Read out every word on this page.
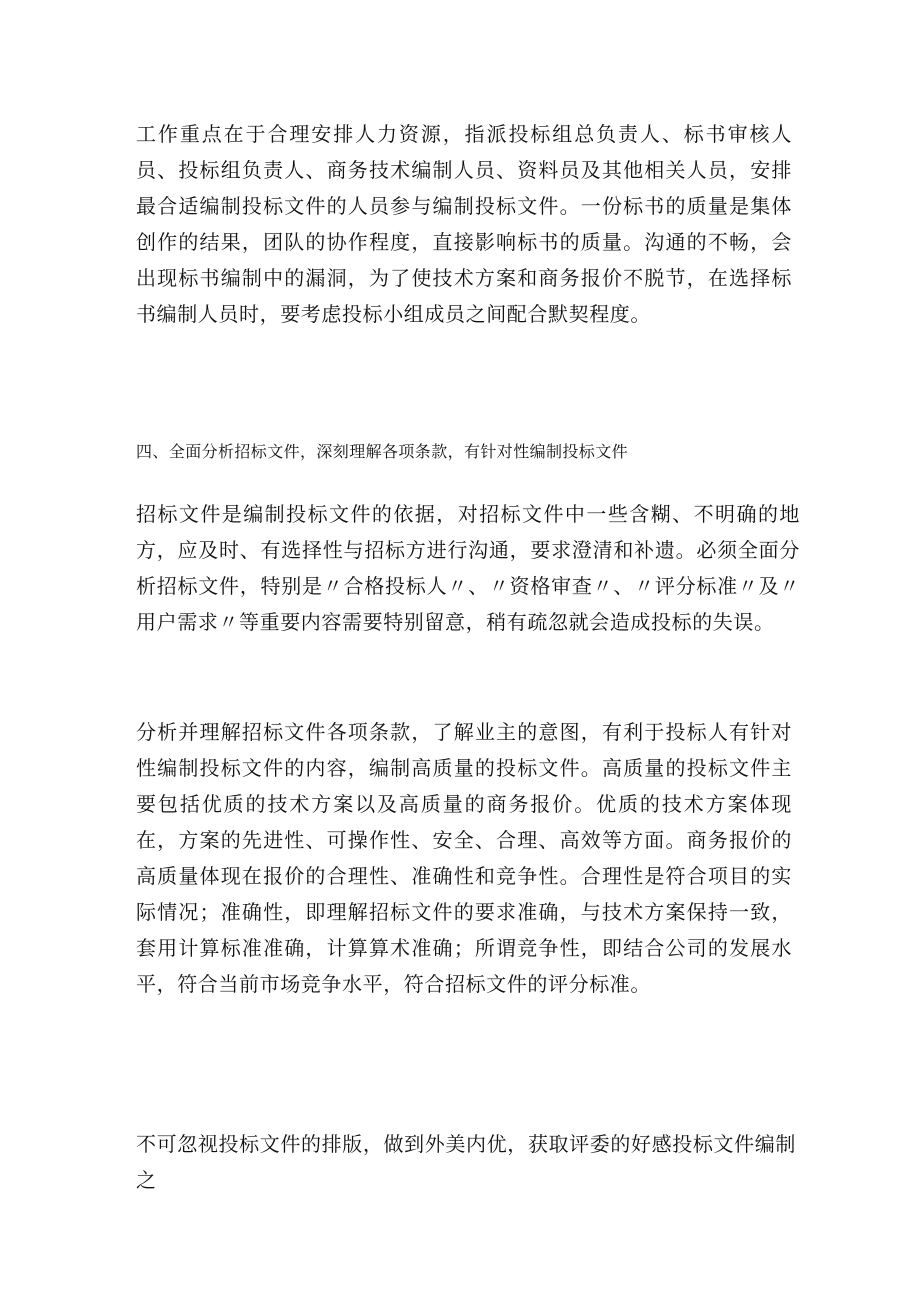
工作重点在于合理安排人力资源，指派投标组总负责人、标书审核人员、投标组负责人、商务技术编制人员、资料员及其他相关人员，安排最合适编制投标文件的人员参与编制投标文件。一份标书的质量是集体创作的结果，团队的协作程度，直接影响标书的质量。沟通的不畅，会出现标书编制中的漏洞，为了使技术方案和商务报价不脱节，在选择标书编制人员时，要考虑投标小组成员之间配合默契程度。

四、全面分析招标文件，深刻理解各项条款，有针对性编制投标文件

招标文件是编制投标文件的依据，对招标文件中一些含糊、不明确的地方，应及时、有选择性与招标方进行沟通，要求澄清和补遗。必须全面分析招标文件，特别是〃合格投标人〃、〃资格审查〃、〃评分标准〃及〃用户需求〃等重要内容需要特别留意，稍有疏忽就会造成投标的失误。

分析并理解招标文件各项条款，了解业主的意图，有利于投标人有针对性编制投标文件的内容，编制高质量的投标文件。高质量的投标文件主要包括优质的技术方案以及高质量的商务报价。优质的技术方案体现在，方案的先进性、可操作性、安全、合理、高效等方面。商务报价的高质量体现在报价的合理性、准确性和竞争性。合理性是符合项目的实际情况；准确性，即理解招标文件的要求准确，与技术方案保持一致，套用计算标准准确，计算算术准确；所谓竞争性，即结合公司的发展水平，符合当前市场竞争水平，符合招标文件的评分标准。

不可忽视投标文件的排版，做到外美内优，获取评委的好感投标文件编制之
